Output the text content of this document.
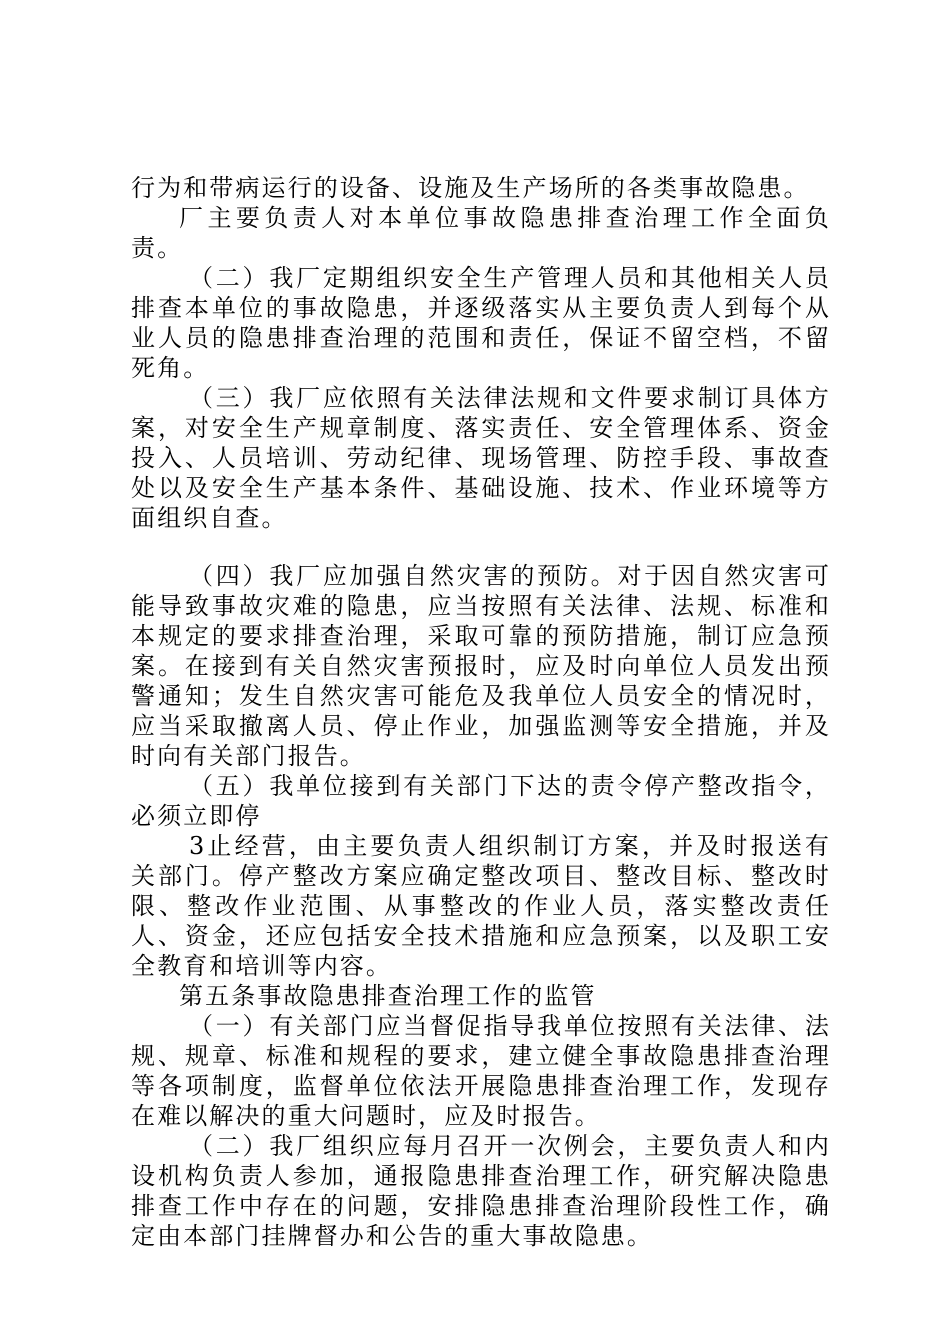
行为和带病运行的设备、设施及生产场所的各类事故隐患。

厂主要负责人对本单位事故隐患排查治理工作全面负责。

（二）我厂定期组织安全生产管理人员和其他相关人员排查本单位的事故隐患，并逐级落实从主要负责人到每个从业人员的隐患排查治理的范围和责任，保证不留空档，不留死角。

（三）我厂应依照有关法律法规和文件要求制订具体方案，对安全生产规章制度、落实责任、安全管理体系、资金投入、人员培训、劳动纪律、现场管理、防控手段、事故查处以及安全生产基本条件、基础设施、技术、作业环境等方面组织自查。

（四）我厂应加强自然灾害的预防。对于因自然灾害可能导致事故灾难的隐患，应当按照有关法律、法规、标准和本规定的要求排查治理，采取可靠的预防措施，制订应急预案。在接到有关自然灾害预报时，应及时向单位人员发出预警通知；发生自然灾害可能危及我单位人员安全的情况时，应当采取撤离人员、停止作业，加强监测等安全措施，并及时向有关部门报告。

（五）我单位接到有关部门下达的责令停产整改指令，必须立即停

3止经营，由主要负责人组织制订方案，并及时报送有关部门。停产整改方案应确定整改项目、整改目标、整改时限、整改作业范围、从事整改的作业人员，落实整改责任人、资金，还应包括安全技术措施和应急预案，以及职工安全教育和培训等内容。

第五条事故隐患排查治理工作的监管

（一）有关部门应当督促指导我单位按照有关法律、法规、规章、标准和规程的要求，建立健全事故隐患排查治理等各项制度，监督单位依法开展隐患排查治理工作，发现存在难以解决的重大问题时，应及时报告。

（二）我厂组织应每月召开一次例会，主要负责人和内设机构负责人参加，通报隐患排查治理工作，研究解决隐患排查工作中存在的问题，安排隐患排查治理阶段性工作，确定由本部门挂牌督办和公告的重大事故隐患。
